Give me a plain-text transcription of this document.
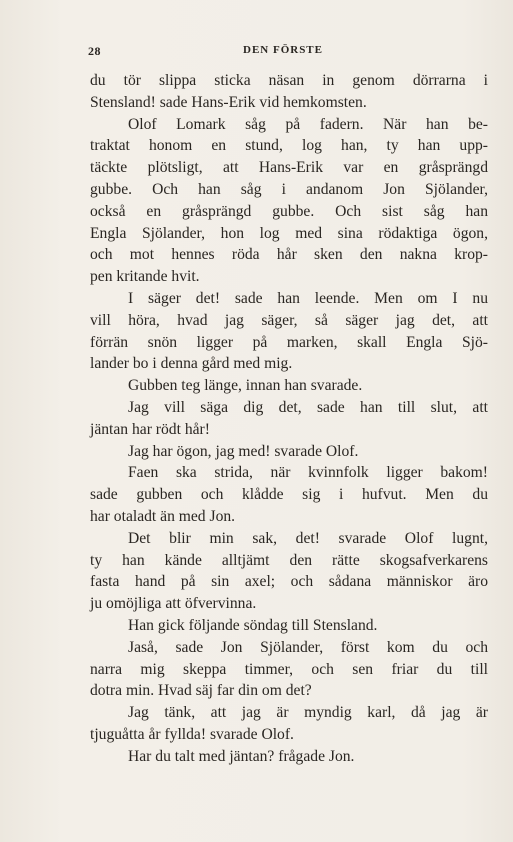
28	DEN FÖRSTE
du tör slippa sticka näsan in genom dörrarna i
Stensland! sade Hans-Erik vid hemkomsten.
Olof Lomark såg på fadern. När han be-
traktat honom en stund, log han, ty han upp-
täckte plötsligt, att Hans-Erik var en gråsprängd
gubbe. Och han såg i andanom Jon Sjölander,
också en gråsprängd gubbe. Och sist såg han
Engla Sjölander, hon log med sina rödaktiga ögon,
och mot hennes röda hår sken den nakna krop-
pen kritande hvit.
I säger det! sade han leende. Men om I nu
vill höra, hvad jag säger, så säger jag det, att
förrän snön ligger på marken, skall Engla Sjö-
lander bo i denna gård med mig.
Gubben teg länge, innan han svarade.
Jag vill säga dig det, sade han till slut, att
jäntan har rödt hår!
Jag har ögon, jag med! svarade Olof.
Faen ska strida, när kvinnfolk ligger bakom!
sade gubben och klådde sig i hufvut. Men du
har otaladt än med Jon.
Det blir min sak, det! svarade Olof lugnt,
ty han kände alltjämt den rätte skogsafverkarens
fasta hand på sin axel; och sådana människor äro
ju omöjliga att öfvervinna.
Han gick följande söndag till Stensland.
Jaså, sade Jon Sjölander, först kom du och
narra mig skeppa timmer, och sen friar du till
dotra min. Hvad säj far din om det?
Jag tänk, att jag är myndig karl, då jag är
tjuguåtta år fyllda! svarade Olof.
Har du talt med jäntan? frågade Jon.
